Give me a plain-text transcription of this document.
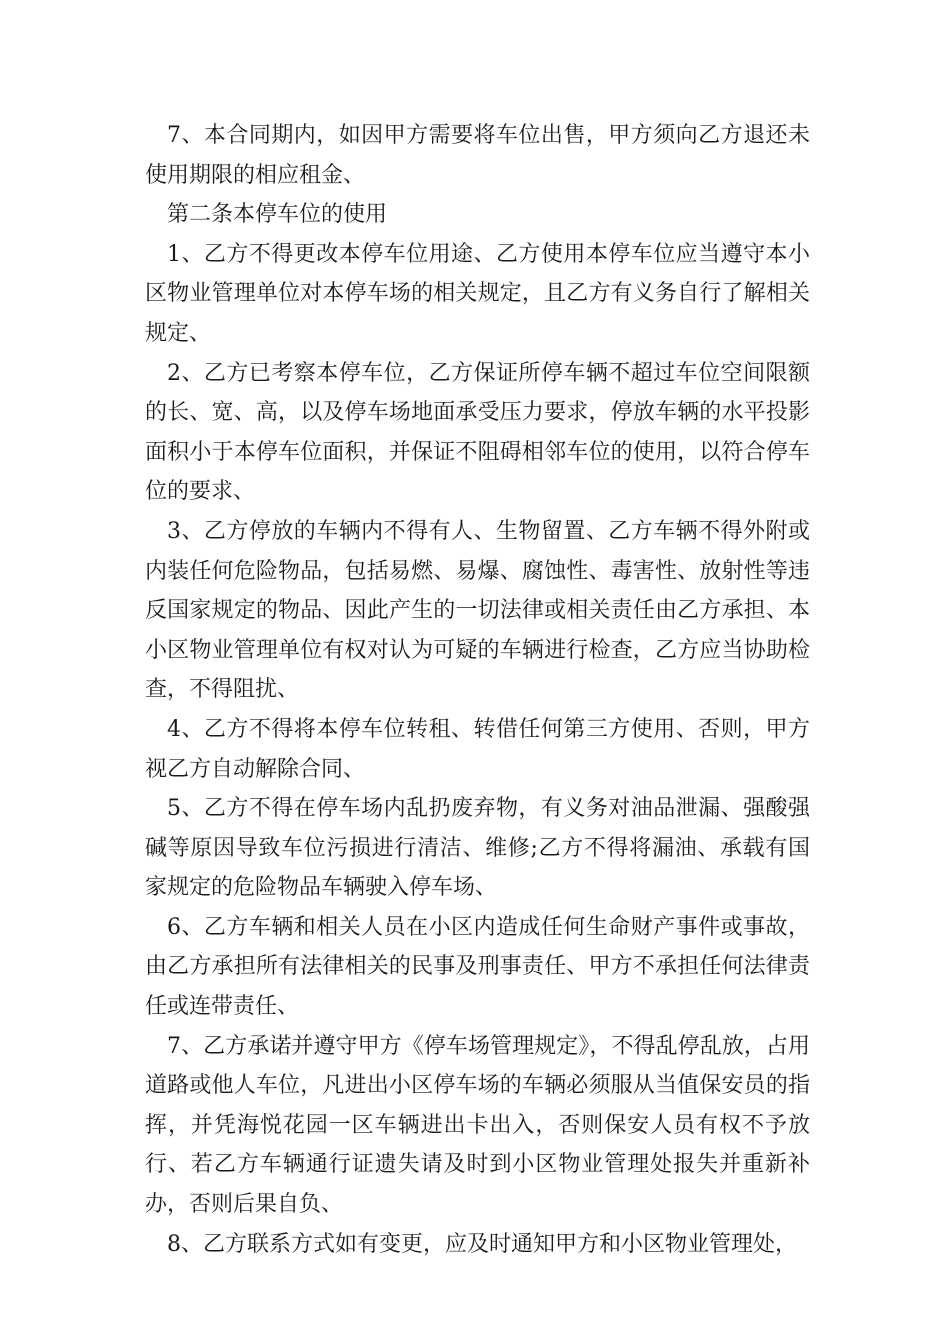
7、本合同期内，如因甲方需要将车位出售，甲方须向乙方退还未使用期限的相应租金、

第二条本停车位的使用

1、乙方不得更改本停车位用途、乙方使用本停车位应当遵守本小区物业管理单位对本停车场的相关规定，且乙方有义务自行了解相关规定、

2、乙方已考察本停车位，乙方保证所停车辆不超过车位空间限额的长、宽、高，以及停车场地面承受压力要求，停放车辆的水平投影面积小于本停车位面积，并保证不阻碍相邻车位的使用，以符合停车位的要求、

3、乙方停放的车辆内不得有人、生物留置、乙方车辆不得外附或内装任何危险物品，包括易燃、易爆、腐蚀性、毒害性、放射性等违反国家规定的物品、因此产生的一切法律或相关责任由乙方承担、本小区物业管理单位有权对认为可疑的车辆进行检查，乙方应当协助检查，不得阻扰、

4、乙方不得将本停车位转租、转借任何第三方使用、否则，甲方视乙方自动解除合同、

5、乙方不得在停车场内乱扔废弃物，有义务对油品泄漏、强酸强碱等原因导致车位污损进行清洁、维修;乙方不得将漏油、承载有国家规定的危险物品车辆驶入停车场、

6、乙方车辆和相关人员在小区内造成任何生命财产事件或事故，由乙方承担所有法律相关的民事及刑事责任、甲方不承担任何法律责任或连带责任、

7、乙方承诺并遵守甲方《停车场管理规定》，不得乱停乱放，占用道路或他人车位，凡进出小区停车场的车辆必须服从当值保安员的指挥，并凭海悦花园一区车辆进出卡出入，否则保安人员有权不予放行、若乙方车辆通行证遗失请及时到小区物业管理处报失并重新补办，否则后果自负、

8、乙方联系方式如有变更，应及时通知甲方和小区物业管理处，
